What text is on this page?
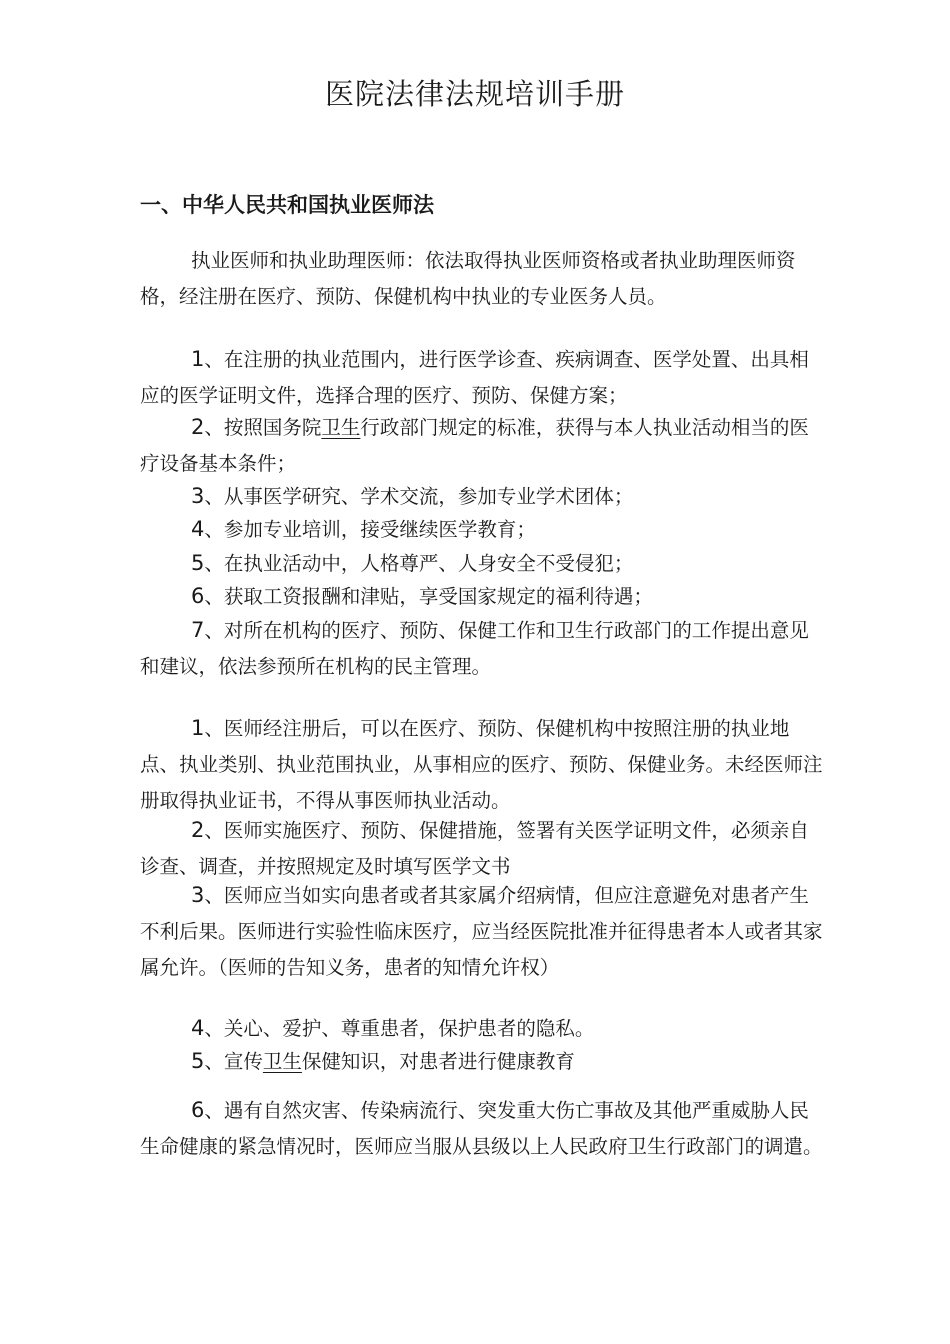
医院法律法规培训手册
一、中华人民共和国执业医师法

执业医师和执业助理医师：依法取得执业医师资格或者执业助理医师资格，经注册在医疗、预防、保健机构中执业的专业医务人员。

1、在注册的执业范围内，进行医学诊查、疾病调查、医学处置、出具相应的医学证明文件，选择合理的医疗、预防、保健方案；

2、按照国务院卫生行政部门规定的标准，获得与本人执业活动相当的医疗设备基本条件；

3、从事医学研究、学术交流，参加专业学术团体；

4、参加专业培训，接受继续医学教育；

5、在执业活动中，人格尊严、人身安全不受侵犯；

6、获取工资报酬和津贴，享受国家规定的福利待遇；

7、对所在机构的医疗、预防、保健工作和卫生行政部门的工作提出意见和建议，依法参预所在机构的民主管理。

1、医师经注册后，可以在医疗、预防、保健机构中按照注册的执业地点、执业类别、执业范围执业，从事相应的医疗、预防、保健业务。未经医师注册取得执业证书，不得从事医师执业活动。

2、医师实施医疗、预防、保健措施，签署有关医学证明文件，必须亲自诊查、调查，并按照规定及时填写医学文书

3、医师应当如实向患者或者其家属介绍病情，但应注意避免对患者产生不利后果。医师进行实验性临床医疗，应当经医院批准并征得患者本人或者其家属允许。（医师的告知义务，患者的知情允许权）

4、关心、爱护、尊重患者，保护患者的隐私。

5、宣传卫生保健知识，对患者进行健康教育

6、遇有自然灾害、传染病流行、突发重大伤亡事故及其他严重威胁人民生命健康的紧急情况时，医师应当服从县级以上人民政府卫生行政部门的调遣。
